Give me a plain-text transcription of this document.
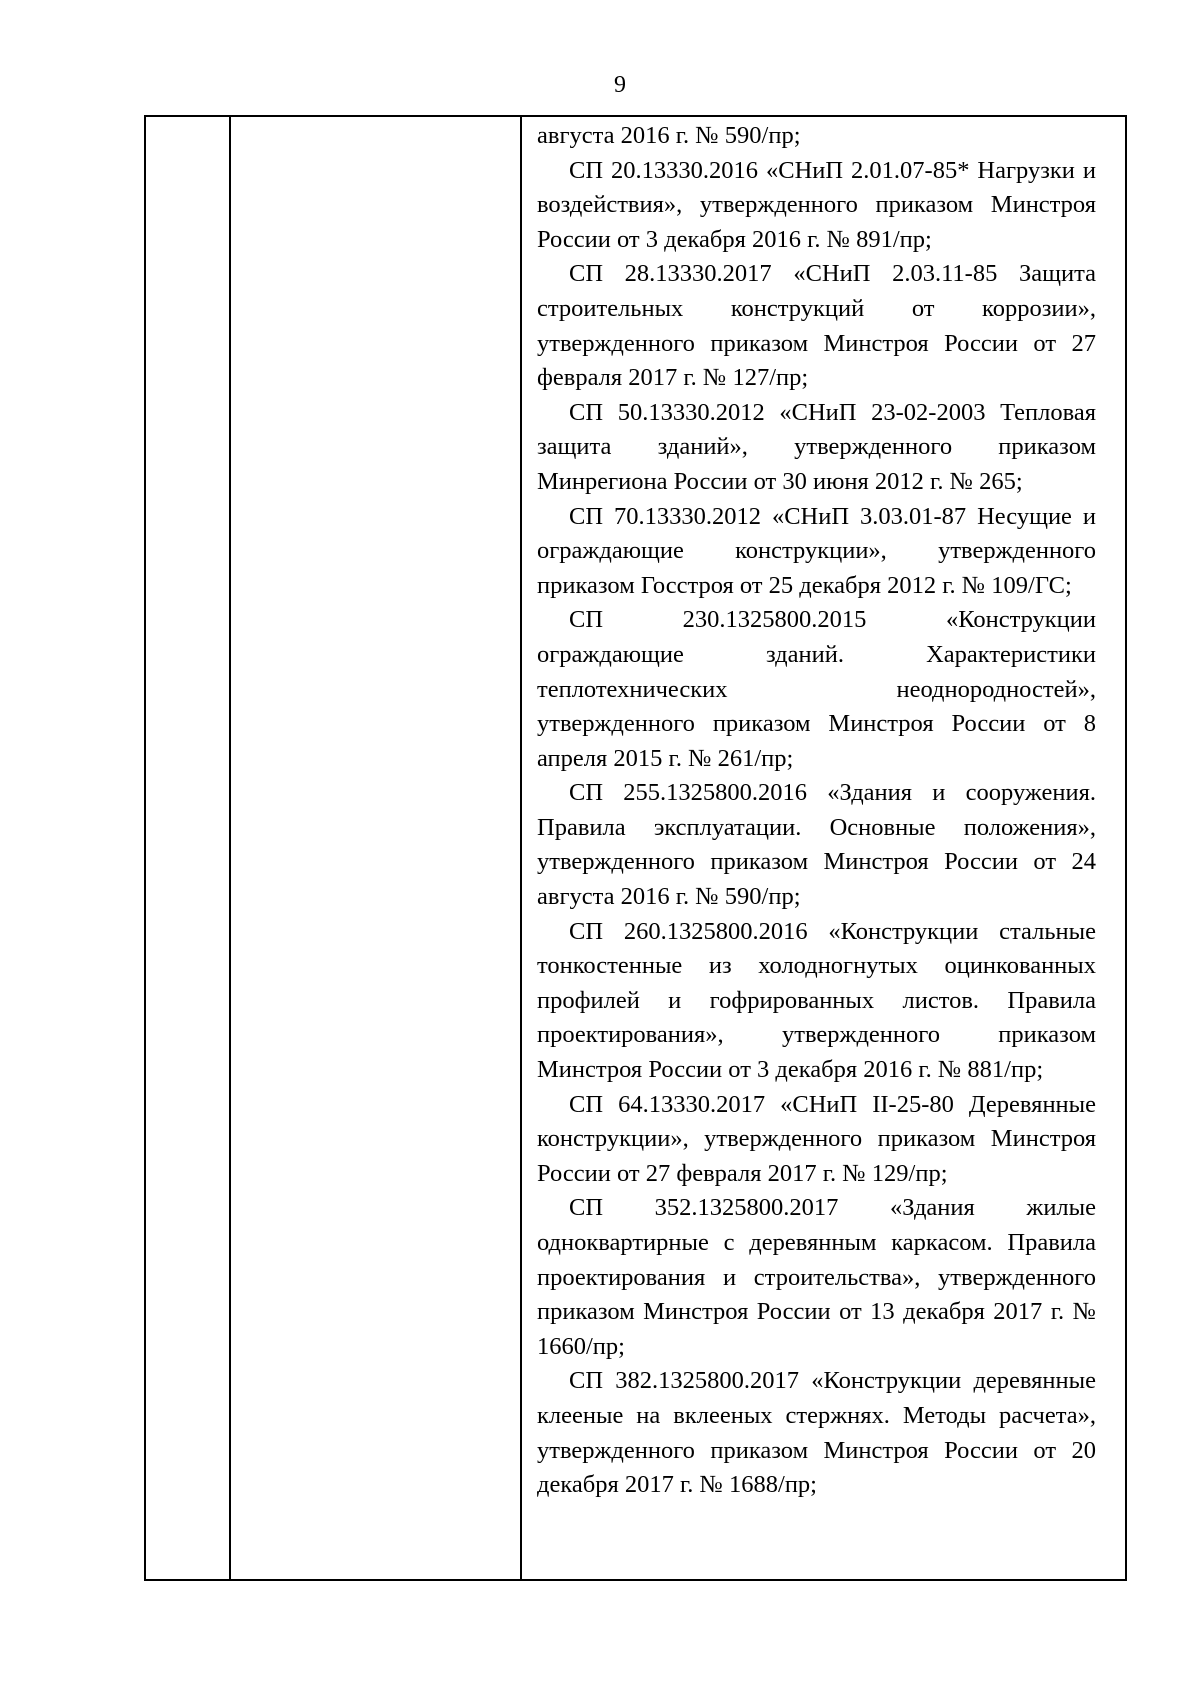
9

августа 2016 г. № 590/пр;

СП 20.13330.2016 «СНиП 2.01.07-85* Нагрузки и воздействия», утвержденного приказом Минстроя России от 3 декабря 2016 г. № 891/пр;

СП 28.13330.2017 «СНиП 2.03.11-85 Защита строительных конструкций от коррозии», утвержденного приказом Минстроя России от 27 февраля 2017 г. № 127/пр;

СП 50.13330.2012 «СНиП 23-02-2003 Тепловая защита зданий», утвержденного приказом Минрегиона России от 30 июня 2012 г. № 265;

СП 70.13330.2012 «СНиП 3.03.01-87 Несущие и ограждающие конструкции», утвержденного приказом Госстроя от 25 декабря 2012 г. № 109/ГС;

СП 230.1325800.2015 «Конструкции ограждающие зданий. Характеристики теплотехнических неоднородностей», утвержденного приказом Минстроя России от 8 апреля 2015 г. № 261/пр;

СП 255.1325800.2016 «Здания и сооружения. Правила эксплуатации. Основные положения», утвержденного приказом Минстроя России от 24 августа 2016 г. № 590/пр;

СП 260.1325800.2016 «Конструкции стальные тонкостенные из холодногнутых оцинкованных профилей и гофрированных листов. Правила проектирования», утвержденного приказом Минстроя России от 3 декабря 2016 г. № 881/пр;

СП 64.13330.2017 «СНиП II-25-80 Деревянные конструкции», утвержденного приказом Минстроя России от 27 февраля 2017 г. № 129/пр;

СП 352.1325800.2017 «Здания жилые одноквартирные с деревянным каркасом. Правила проектирования и строительства», утвержденного приказом Минстроя России от 13 декабря 2017 г. № 1660/пр;

СП 382.1325800.2017 «Конструкции деревянные клееные на вклееных стержнях. Методы расчета», утвержденного приказом Минстроя России от 20 декабря 2017 г. № 1688/пр;
